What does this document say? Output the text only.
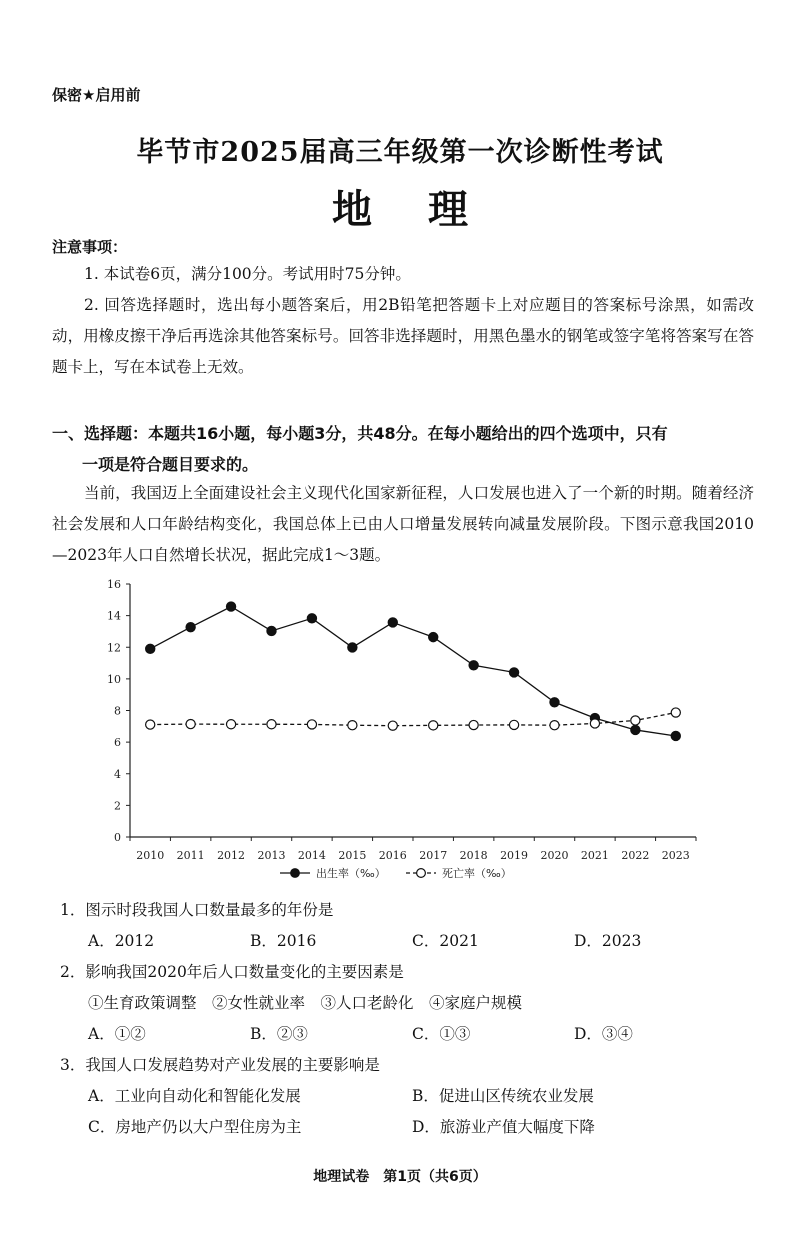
保密★启用前
毕节市2025届高三年级第一次诊断性考试
地 理
注意事项：
1. 本试卷6页，满分100分。考试用时75分钟。
2. 回答选择题时，选出每小题答案后，用2B铅笔把答题卡上对应题目的答案标号涂黑，如需改动，用橡皮擦干净后再选涂其他答案标号。回答非选择题时，用黑色墨水的钢笔或签字笔将答案写在答题卡上，写在本试卷上无效。
一、选择题：本题共16小题，每小题3分，共48分。在每小题给出的四个选项中，只有
一项是符合题目要求的。
当前，我国迈上全面建设社会主义现代化国家新征程，人口发展也进入了一个新的时期。随着经济社会发展和人口年龄结构变化，我国总体上已由人口增量发展转向减量发展阶段。下图示意我国2010—2023年人口自然增长状况，据此完成1～3题。
0
2
4
6
8
10
12
14
16
2010 2011 2012 2013 2014 2015 2016 2017 2018 2019 2020 2021 2022 2023
出生率（‰）	死亡率（‰）
1．图示时段我国人口数量最多的年份是
A．2012	B．2016	C．2021	D．2023
2．影响我国2020年后人口数量变化的主要因素是
①生育政策调整　②女性就业率　③人口老龄化　④家庭户规模
A．①②	B．②③	C．①③	D．③④
3．我国人口发展趋势对产业发展的主要影响是
A．工业向自动化和智能化发展	B．促进山区传统农业发展
C．房地产仍以大户型住房为主	D．旅游业产值大幅度下降
地理试卷　第1页（共6页）
